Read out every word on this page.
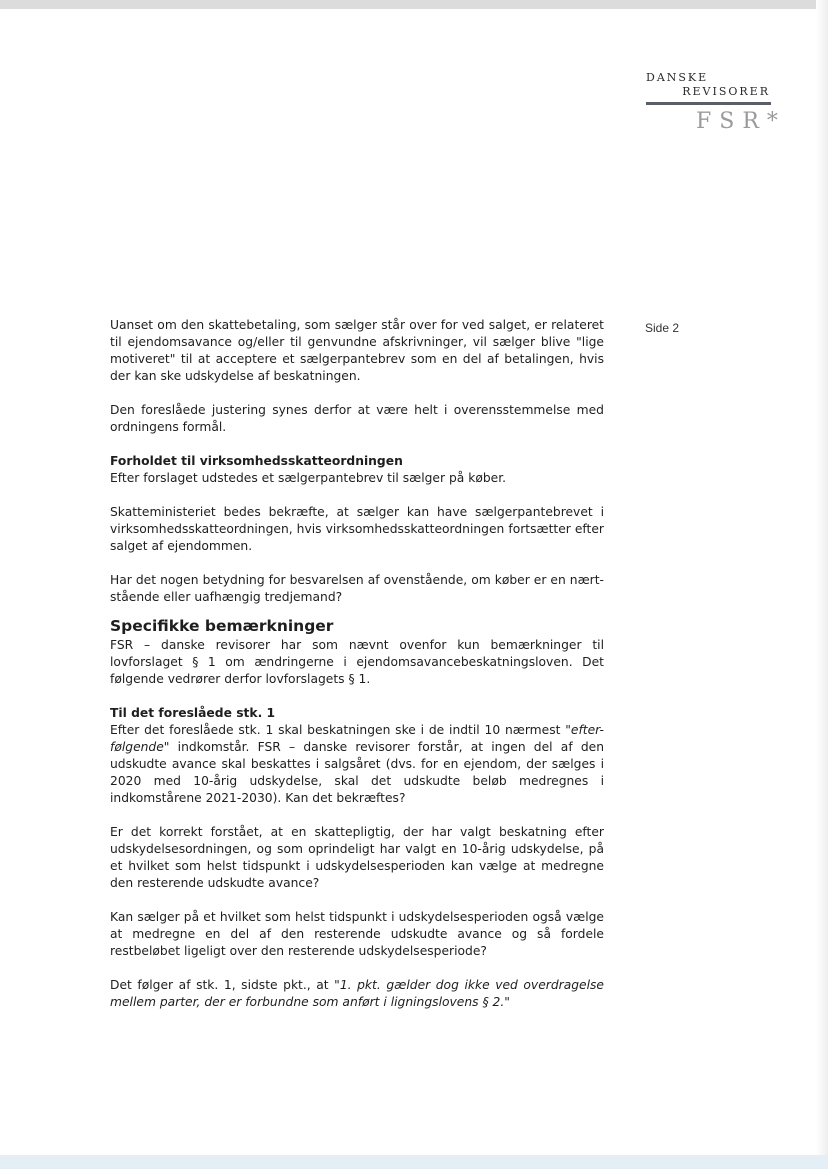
DANSKE
REVISORER
FSR*
Side 2

Uanset om den skattebetaling, som sælger står over for ved salget, er relateret til ejendomsavance og/eller til genvundne afskrivninger, vil sælger blive "lige motiveret" til at acceptere et sælgerpantebrev som en del af betalingen, hvis der kan ske udskydelse af beskatningen.

Den foreslåede justering synes derfor at være helt i overensstemmelse med ordningens formål.

Forholdet til virksomhedsskatteordningen

Efter forslaget udstedes et sælgerpantebrev til sælger på køber.

Skatteministeriet bedes bekræfte, at sælger kan have sælgerpantebrevet i virksomhedsskatteordningen, hvis virksomhedsskatteordningen fortsætter efter salget af ejendommen.

Har det nogen betydning for besvarelsen af ovenstående, om køber er en nært-stående eller uafhængig tredjemand?

Specifikke bemærkninger

FSR – danske revisorer har som nævnt ovenfor kun bemærkninger til lovforslaget § 1 om ændringerne i ejendomsavancebeskatningsloven. Det følgende vedrører derfor lovforslagets § 1.

Til det foreslåede stk. 1

Efter det foreslåede stk. 1 skal beskatningen ske i de indtil 10 nærmest "efter-følgende" indkomstår. FSR – danske revisorer forstår, at ingen del af den udskudte avance skal beskattes i salgsåret (dvs. for en ejendom, der sælges i 2020 med 10-årig udskydelse, skal det udskudte beløb medregnes i indkomstårene 2021-2030). Kan det bekræftes?

Er det korrekt forstået, at en skattepligtig, der har valgt beskatning efter udskydelsesordningen, og som oprindeligt har valgt en 10-årig udskydelse, på et hvilket som helst tidspunkt i udskydelsesperioden kan vælge at medregne den resterende udskudte avance?

Kan sælger på et hvilket som helst tidspunkt i udskydelsesperioden også vælge at medregne en del af den resterende udskudte avance og så fordele restbeløbet ligeligt over den resterende udskydelsesperiode?

Det følger af stk. 1, sidste pkt., at "1. pkt. gælder dog ikke ved overdragelse mellem parter, der er forbundne som anført i ligningslovens § 2."
